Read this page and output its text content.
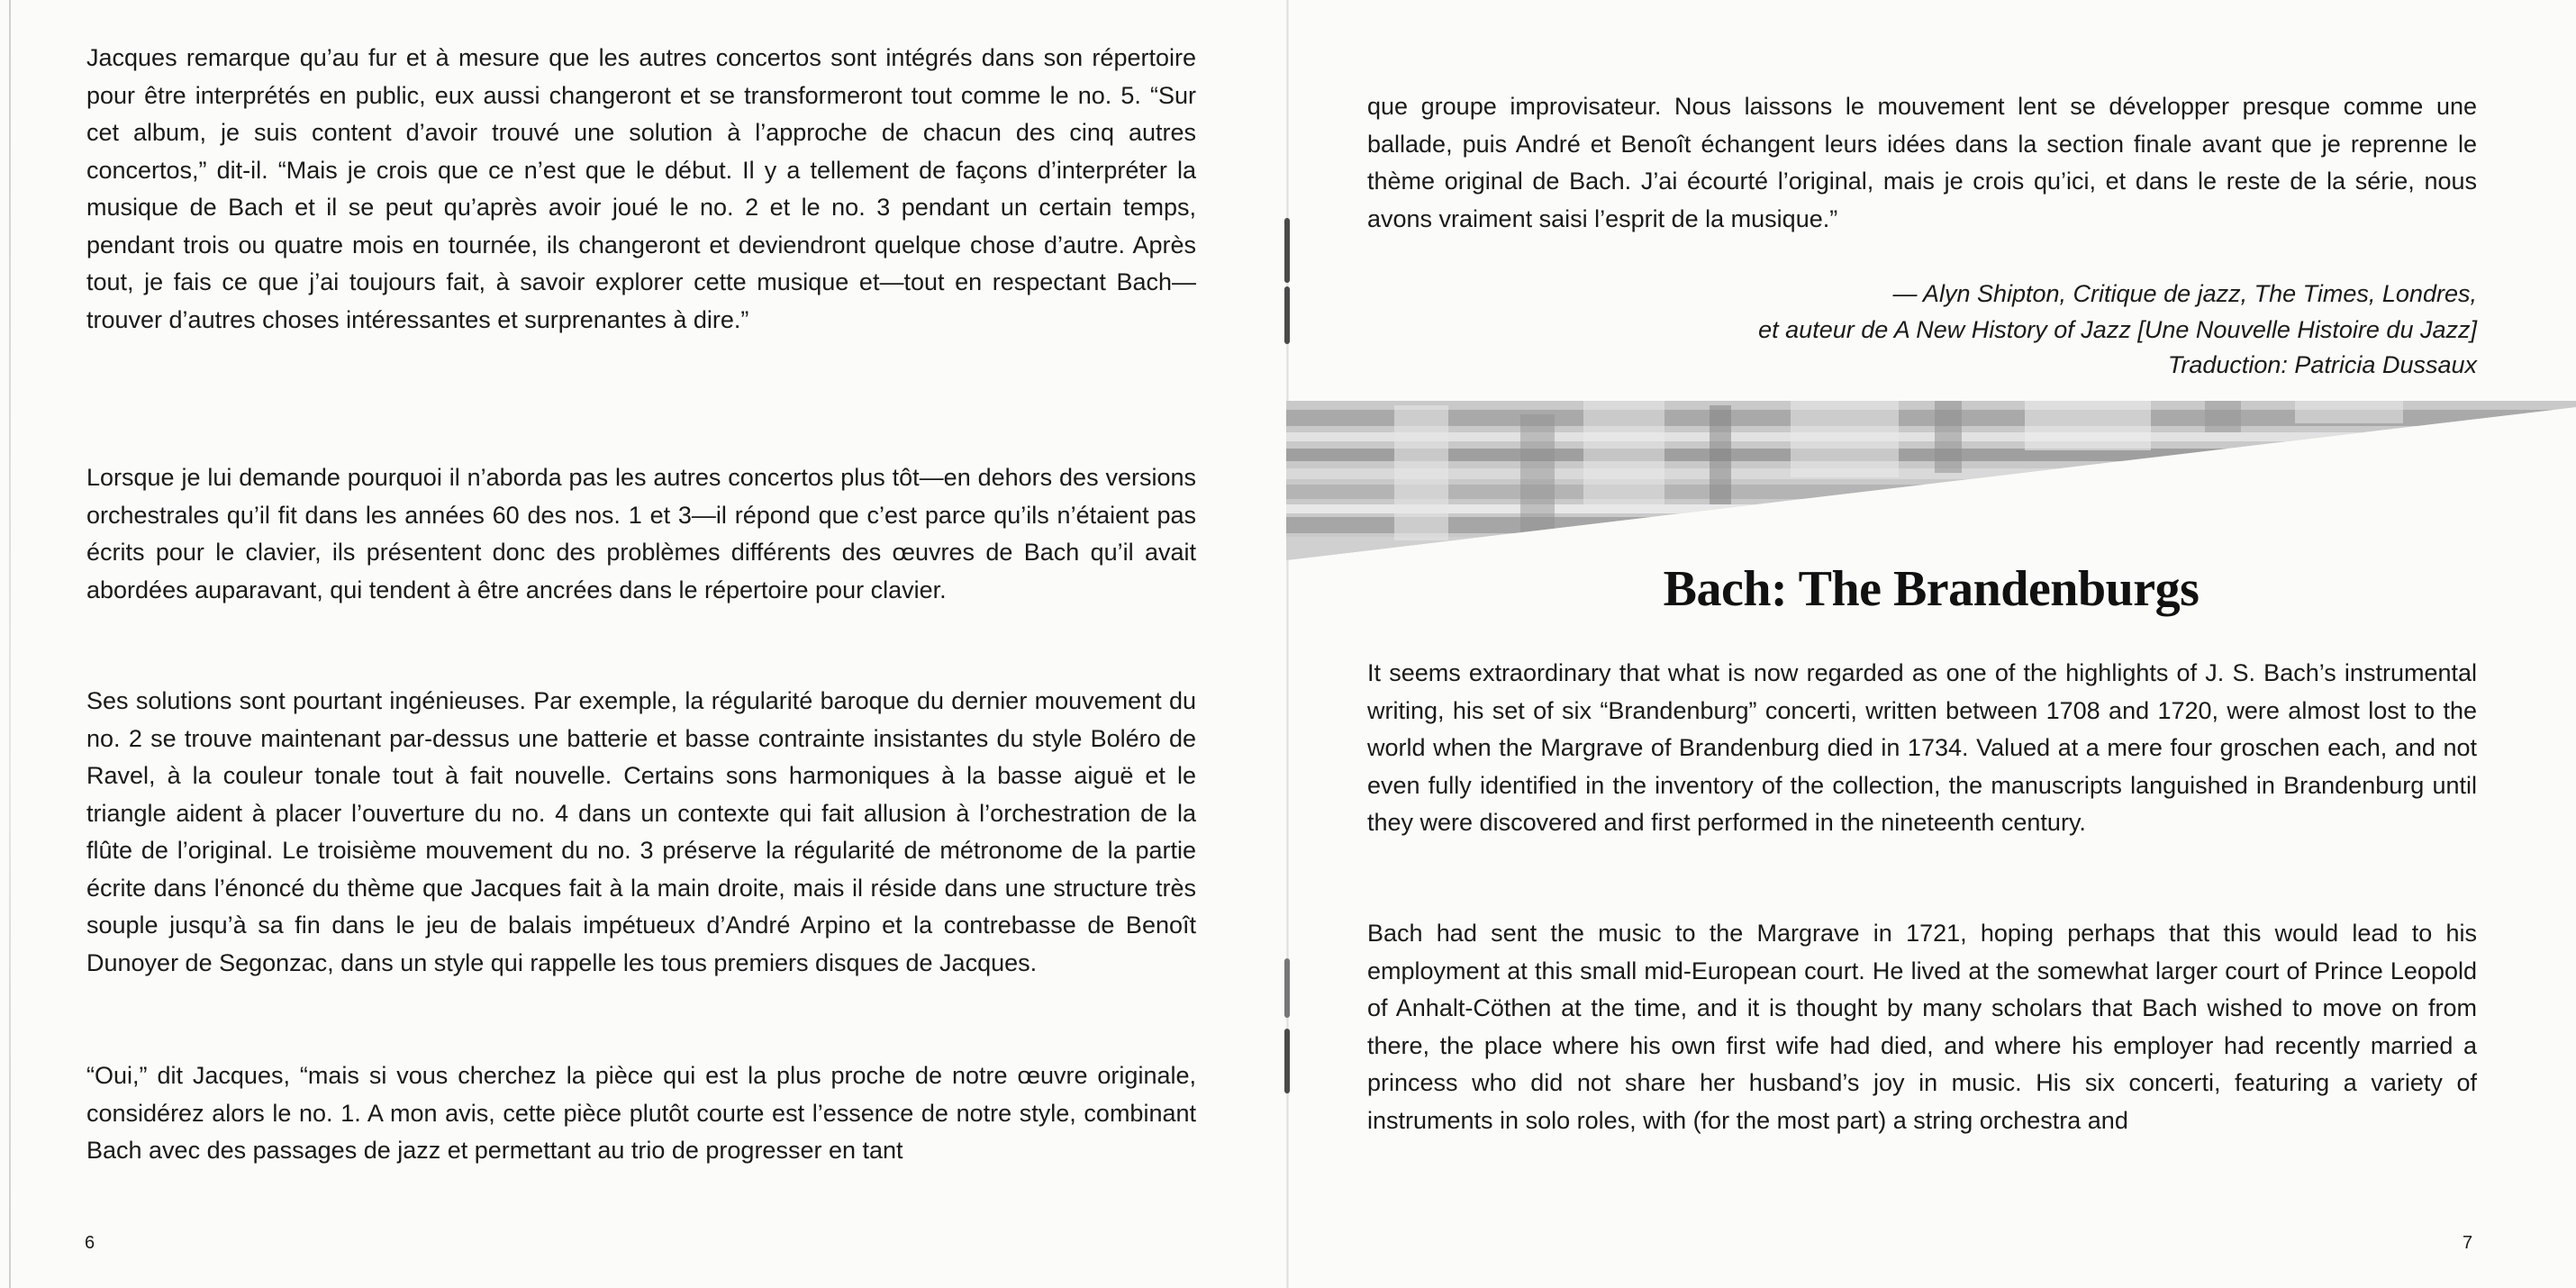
Jacques remarque qu’au fur et à mesure que les autres concertos sont intégrés dans son répertoire pour être interprétés en public, eux aussi changeront et se transformeront tout comme le no. 5. “Sur cet album, je suis content d’avoir trouvé une solution à l’approche de chacun des cinq autres concertos,” dit-il. “Mais je crois que ce n’est que le début. Il y a tellement de façons d’interpréter la musique de Bach et il se peut qu’après avoir joué le no. 2 et le no. 3 pendant un certain temps, pendant trois ou quatre mois en tournée, ils changeront et deviendront quelque chose d’autre. Après tout, je fais ce que j’ai toujours fait, à savoir explorer cette musique et—tout en respectant Bach—trouver d’autres choses intéressantes et surprenantes à dire.”

Lorsque je lui demande pourquoi il n’aborda pas les autres concertos plus tôt—en dehors des versions orchestrales qu’il fit dans les années 60 des nos. 1 et 3—il répond que c’est parce qu’ils n’étaient pas écrits pour le clavier, ils présentent donc des problèmes différents des œuvres de Bach qu’il avait abordées auparavant, qui tendent à être ancrées dans le répertoire pour clavier.

Ses solutions sont pourtant ingénieuses. Par exemple, la régularité baroque du dernier mouvement du no. 2 se trouve maintenant par-dessus une batterie et basse contrainte insistantes du style Boléro de Ravel, à la couleur tonale tout à fait nouvelle. Certains sons harmoniques à la basse aiguë et le triangle aident à placer l’ouverture du no. 4 dans un contexte qui fait allusion à l’orchestration de la flûte de l’original. Le troisième mouvement du no. 3 préserve la régularité de métronome de la partie écrite dans l’énoncé du thème que Jacques fait à la main droite, mais il réside dans une structure très souple jusqu’à sa fin dans le jeu de balais impétueux d’André Arpino et la contrebasse de Benoît Dunoyer de Segonzac, dans un style qui rappelle les tous premiers disques de Jacques.

“Oui,” dit Jacques, “mais si vous cherchez la pièce qui est la plus proche de notre œuvre originale, considérez alors le no. 1. A mon avis, cette pièce plutôt courte est l’essence de notre style, combinant Bach avec des passages de jazz et permettant au trio de progresser en tant

6

que groupe improvisateur. Nous laissons le mouvement lent se développer presque comme une ballade, puis André et Benoît échangent leurs idées dans la section finale avant que je reprenne le thème original de Bach. J’ai écourté l’original, mais je crois qu’ici, et dans le reste de la série, nous avons vraiment saisi l’esprit de la musique.”

— Alyn Shipton, Critique de jazz, The Times, Londres,
et auteur de A New History of Jazz [Une Nouvelle Histoire du Jazz]
Traduction: Patricia Dussaux
Bach: The Brandenburgs

It seems extraordinary that what is now regarded as one of the highlights of J. S. Bach’s instrumental writing, his set of six “Brandenburg” concerti, written between 1708 and 1720, were almost lost to the world when the Margrave of Brandenburg died in 1734. Valued at a mere four groschen each, and not even fully identified in the inventory of the collection, the manuscripts languished in Brandenburg until they were discovered and first performed in the nineteenth century.

Bach had sent the music to the Margrave in 1721, hoping perhaps that this would lead to his employment at this small mid-European court. He lived at the somewhat larger court of Prince Leopold of Anhalt-Cöthen at the time, and it is thought by many scholars that Bach wished to move on from there, the place where his own first wife had died, and where his employer had recently married a princess who did not share her husband’s joy in music. His six concerti, featuring a variety of instruments in solo roles, with (for the most part) a string orchestra and

7
